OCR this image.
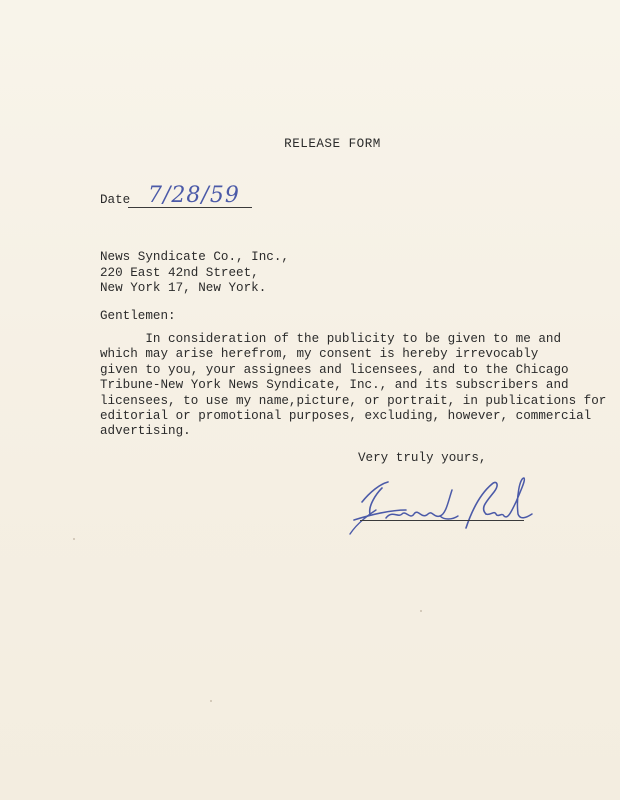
RELEASE FORM
Date 7/28/59
News Syndicate Co., Inc.,
220 East 42nd Street,
New York 17, New York.
Gentlemen:
In consideration of the publicity to be given to me and
which may arise herefrom, my consent is hereby irrevocably
given to you, your assignees and licensees, and to the Chicago
Tribune-New York News Syndicate, Inc., and its subscribers and
licensees, to use my name,picture, or portrait, in publications for
editorial or promotional purposes, excluding, however, commercial
advertising.
Very truly yours,
